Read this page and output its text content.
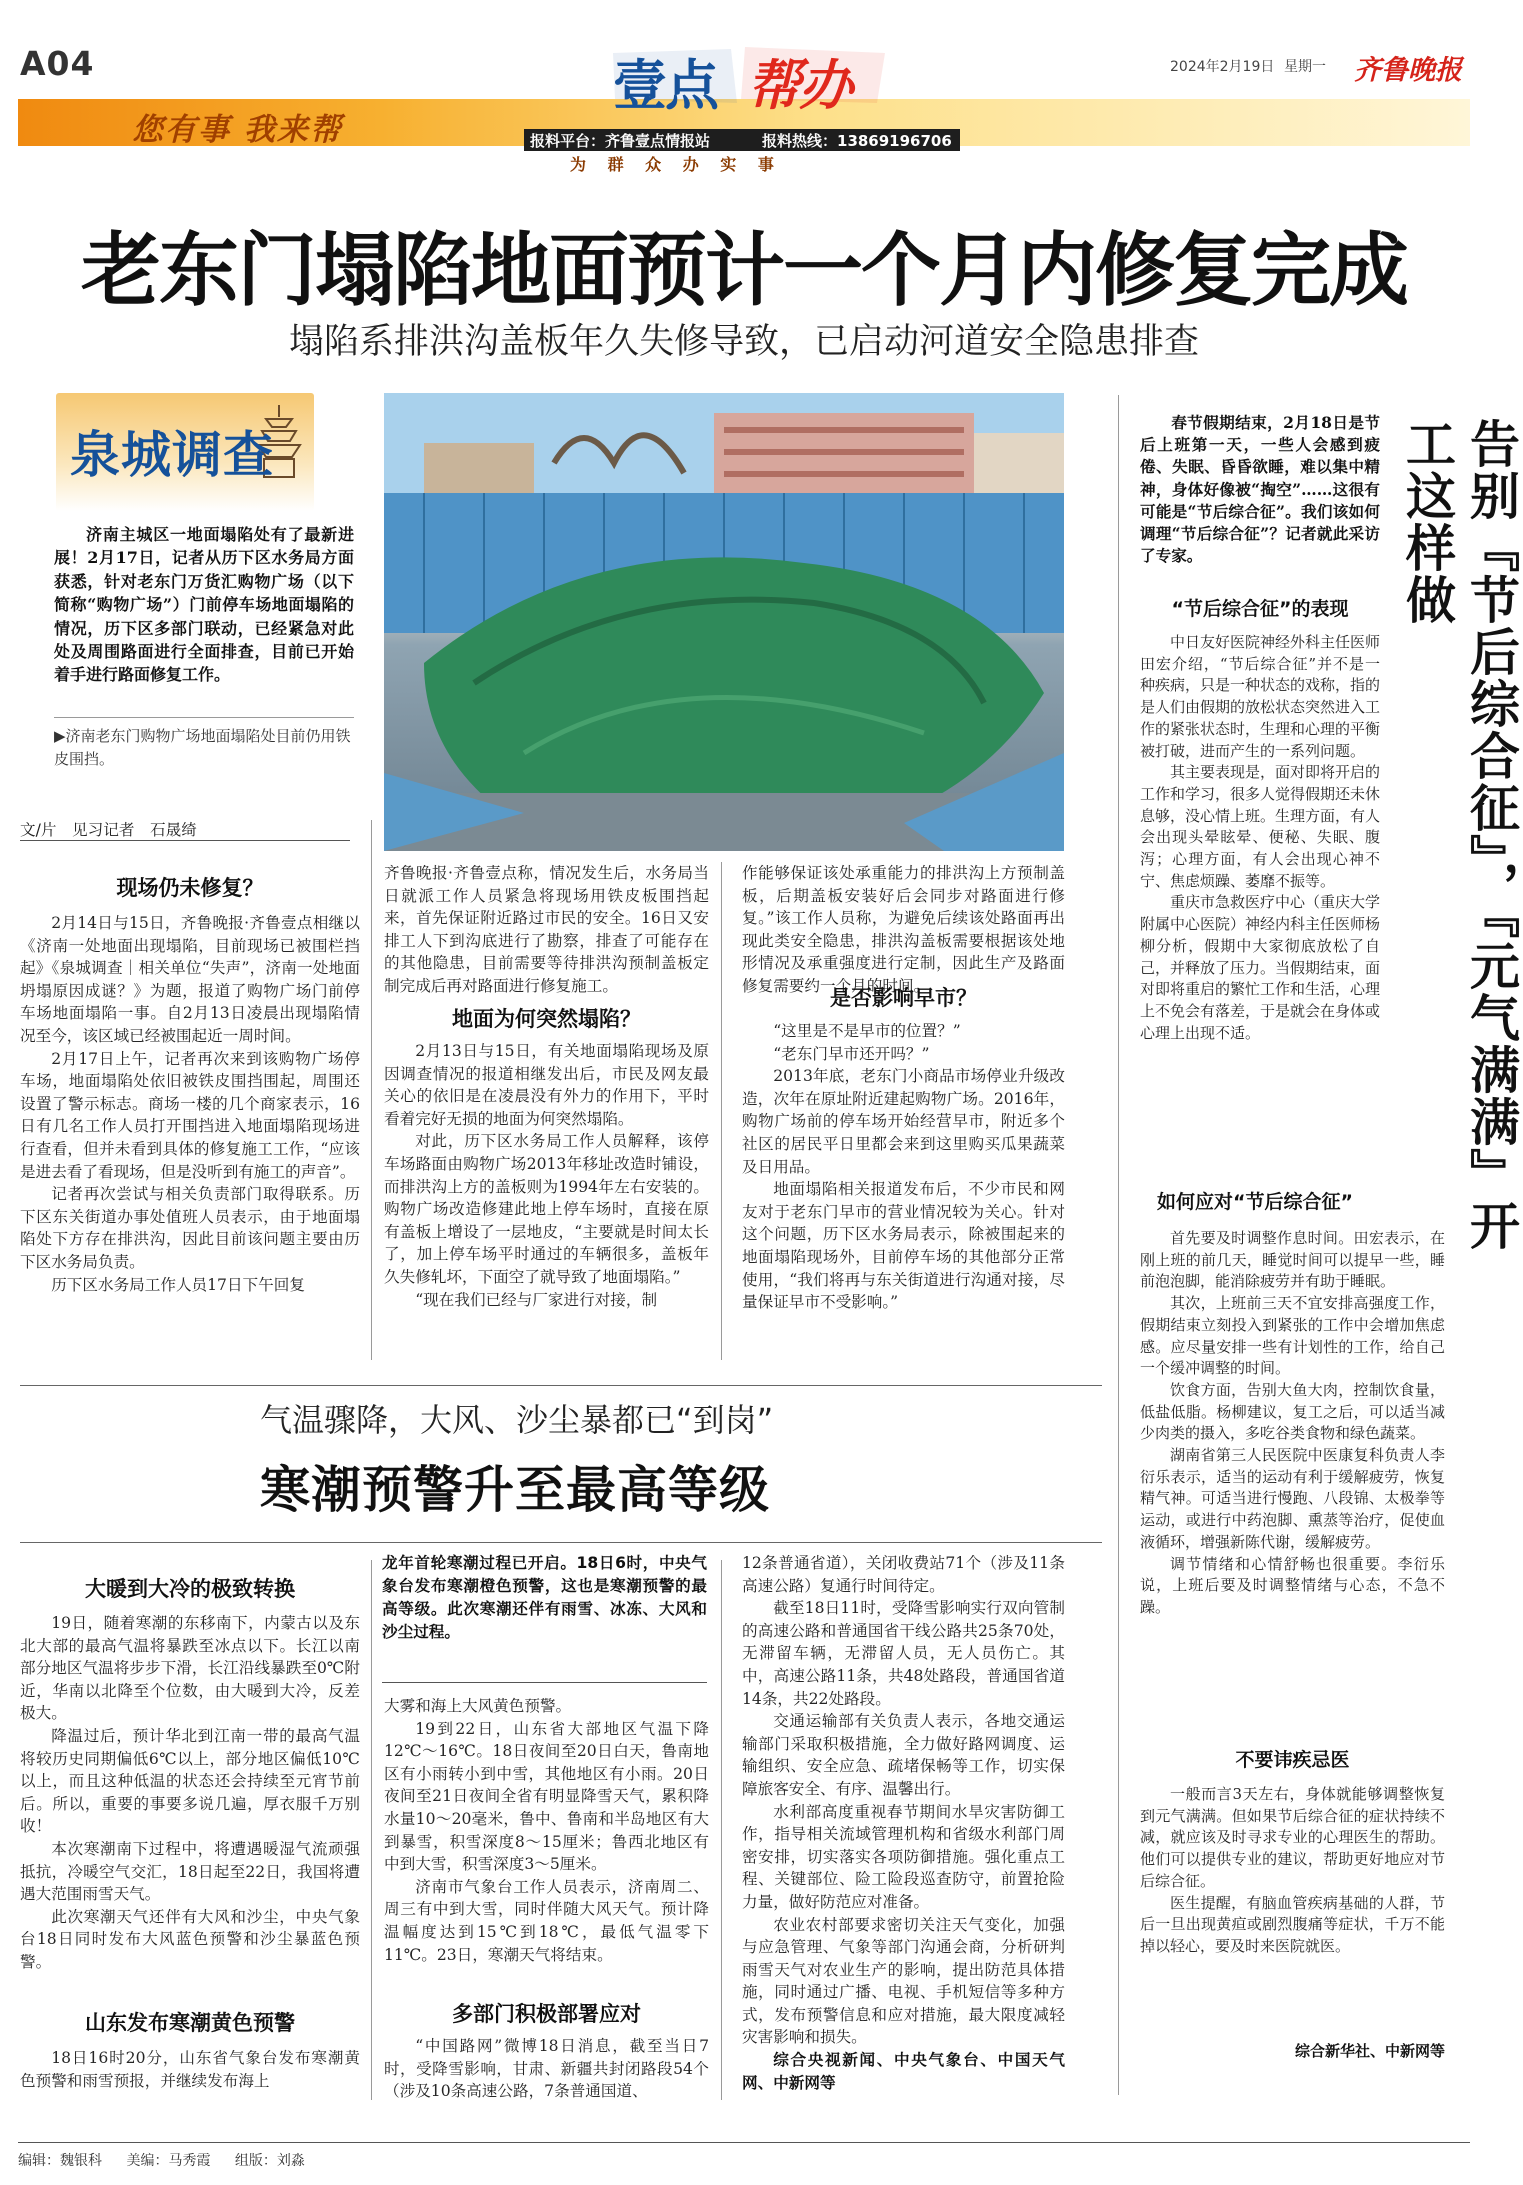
A04
您有事 我来帮
壹点 帮办
报料平台：齐鲁壹点情报站	报料热线：13869196706
为 群 众 办 实 事
2024年2月19日 星期一 齐鲁晚报
老东门塌陷地面预计一个月内修复完成
塌陷系排洪沟盖板年久失修导致，已启动河道安全隐患排查
泉城调查

济南主城区一地面塌陷处有了最新进展！2月17日，记者从历下区水务局方面获悉，针对老东门万货汇购物广场（以下简称“购物广场”）门前停车场地面塌陷的情况，历下区多部门联动，已经紧急对此处及周围路面进行全面排查，目前已开始着手进行路面修复工作。

▶济南老东门购物广场地面塌陷处目前仍用铁皮围挡。
文/片　见习记者　石晟绮
现场仍未修复？

2月14日与15日，齐鲁晚报·齐鲁壹点相继以《济南一处地面出现塌陷，目前现场已被围栏挡起》《泉城调查｜相关单位“失声”，济南一处地面坍塌原因成谜？》为题，报道了购物广场门前停车场地面塌陷一事。自2月13日凌晨出现塌陷情况至今，该区域已经被围起近一周时间。

2月17日上午，记者再次来到该购物广场停车场，地面塌陷处依旧被铁皮围挡围起，周围还设置了警示标志。商场一楼的几个商家表示，16日有几名工作人员打开围挡进入地面塌陷现场进行查看，但并未看到具体的修复施工工作，“应该是进去看了看现场，但是没听到有施工的声音”。

记者再次尝试与相关负责部门取得联系。历下区东关街道办事处值班人员表示，由于地面塌陷处下方存在排洪沟，因此目前该问题主要由历下区水务局负责。

历下区水务局工作人员17日下午回复

齐鲁晚报·齐鲁壹点称，情况发生后，水务局当日就派工作人员紧急将现场用铁皮板围挡起来，首先保证附近路过市民的安全。16日又安排工人下到沟底进行了勘察，排查了可能存在的其他隐患，目前需要等待排洪沟预制盖板定制完成后再对路面进行修复施工。

地面为何突然塌陷？

2月13日与15日，有关地面塌陷现场及原因调查情况的报道相继发出后，市民及网友最关心的依旧是在凌晨没有外力的作用下，平时看着完好无损的地面为何突然塌陷。

对此，历下区水务局工作人员解释，该停车场路面由购物广场2013年移址改造时铺设，而排洪沟上方的盖板则为1994年左右安装的。购物广场改造修建此地上停车场时，直接在原有盖板上增设了一层地皮，“主要就是时间太长了，加上停车场平时通过的车辆很多，盖板年久失修轧坏，下面空了就导致了地面塌陷。”

“现在我们已经与厂家进行对接，制

作能够保证该处承重能力的排洪沟上方预制盖板，后期盖板安装好后会同步对路面进行修复。”该工作人员称，为避免后续该处路面再出现此类安全隐患，排洪沟盖板需要根据该处地形情况及承重强度进行定制，因此生产及路面修复需要约一个月的时间。

是否影响早市？

“这里是不是早市的位置？”

“老东门早市还开吗？”

2013年底，老东门小商品市场停业升级改造，次年在原址附近建起购物广场。2016年，购物广场前的停车场开始经营早市，附近多个社区的居民平日里都会来到这里购买瓜果蔬菜及日用品。

地面塌陷相关报道发布后，不少市民和网友对于老东门早市的营业情况较为关心。针对这个问题，历下区水务局表示，除被围起来的地面塌陷现场外，目前停车场的其他部分正常使用，“我们将再与东关街道进行沟通对接，尽量保证早市不受影响。”

告别『节后综合征』，『元气满满』开工这样做

春节假期结束，2月18日是节后上班第一天，一些人会感到疲倦、失眠、昏昏欲睡，难以集中精神，身体好像被“掏空”……这很有可能是“节后综合征”。我们该如何调理“节后综合征”？记者就此采访了专家。

“节后综合征”的表现

中日友好医院神经外科主任医师田宏介绍，“节后综合征”并不是一种疾病，只是一种状态的戏称，指的是人们由假期的放松状态突然进入工作的紧张状态时，生理和心理的平衡被打破，进而产生的一系列问题。

其主要表现是，面对即将开启的工作和学习，很多人觉得假期还未休息够，没心情上班。生理方面，有人会出现头晕眩晕、便秘、失眠、腹泻；心理方面，有人会出现心神不宁、焦虑烦躁、萎靡不振等。

重庆市急救医疗中心（重庆大学附属中心医院）神经内科主任医师杨柳分析，假期中大家彻底放松了自己，并释放了压力。当假期结束，面对即将重启的繁忙工作和生活，心理上不免会有落差，于是就会在身体或心理上出现不适。

如何应对“节后综合征”

首先要及时调整作息时间。田宏表示，在刚上班的前几天，睡觉时间可以提早一些，睡前泡泡脚，能消除疲劳并有助于睡眠。

其次，上班前三天不宜安排高强度工作，假期结束立刻投入到紧张的工作中会增加焦虑感。应尽量安排一些有计划性的工作，给自己一个缓冲调整的时间。

饮食方面，告别大鱼大肉，控制饮食量，低盐低脂。杨柳建议，复工之后，可以适当减少肉类的摄入，多吃谷类食物和绿色蔬菜。

湖南省第三人民医院中医康复科负责人李衍乐表示，适当的运动有利于缓解疲劳，恢复精气神。可适当进行慢跑、八段锦、太极拳等运动，或进行中药泡脚、熏蒸等治疗，促使血液循环，增强新陈代谢，缓解疲劳。

调节情绪和心情舒畅也很重要。李衍乐说，上班后要及时调整情绪与心态，不急不躁。

不要讳疾忌医

一般而言3天左右，身体就能够调整恢复到元气满满。但如果节后综合征的症状持续不减，就应该及时寻求专业的心理医生的帮助。他们可以提供专业的建议，帮助更好地应对节后综合征。

医生提醒，有脑血管疾病基础的人群，节后一旦出现黄疸或剧烈腹痛等症状，千万不能掉以轻心，要及时来医院就医。

综合新华社、中新网等
气温骤降，大风、沙尘暴都已“到岗”
寒潮预警升至最高等级

龙年首轮寒潮过程已开启。18日6时，中央气象台发布寒潮橙色预警，这也是寒潮预警的最高等级。此次寒潮还伴有雨雪、冰冻、大风和沙尘过程。

大暖到大冷的极致转换

19日，随着寒潮的东移南下，内蒙古以及东北大部的最高气温将暴跌至冰点以下。长江以南部分地区气温将步步下滑，长江沿线暴跌至0℃附近，华南以北降至个位数，由大暖到大冷，反差极大。

降温过后，预计华北到江南一带的最高气温将较历史同期偏低6℃以上，部分地区偏低10℃以上，而且这种低温的状态还会持续至元宵节前后。所以，重要的事要多说几遍，厚衣服千万别收！

本次寒潮南下过程中，将遭遇暖湿气流顽强抵抗，冷暖空气交汇，18日起至22日，我国将遭遇大范围雨雪天气。

此次寒潮天气还伴有大风和沙尘，中央气象台18日同时发布大风蓝色预警和沙尘暴蓝色预警。

山东发布寒潮黄色预警

18日16时20分，山东省气象台发布寒潮黄色预警和雨雪预报，并继续发布海上

大雾和海上大风黄色预警。

19到22日，山东省大部地区气温下降12℃～16℃。18日夜间至20日白天，鲁南地区有小雨转小到中雪，其他地区有小雨。20日夜间至21日夜间全省有明显降雪天气，累积降水量10～20毫米，鲁中、鲁南和半岛地区有大到暴雪，积雪深度8～15厘米；鲁西北地区有中到大雪，积雪深度3～5厘米。

济南市气象台工作人员表示，济南周二、周三有中到大雪，同时伴随大风天气。预计降温幅度达到15℃到18℃，最低气温零下11℃。23日，寒潮天气将结束。

多部门积极部署应对

“中国路网”微博18日消息，截至当日7时，受降雪影响，甘肃、新疆共封闭路段54个（涉及10条高速公路，7条普通国道、

12条普通省道），关闭收费站71个（涉及11条高速公路）复通行时间待定。

截至18日11时，受降雪影响实行双向管制的高速公路和普通国省干线公路共25条70处，无滞留车辆，无滞留人员，无人员伤亡。其中，高速公路11条，共48处路段，普通国省道14条，共22处路段。

交通运输部有关负责人表示，各地交通运输部门采取积极措施，全力做好路网调度、运输组织、安全应急、疏堵保畅等工作，切实保障旅客安全、有序、温馨出行。

水利部高度重视春节期间水旱灾害防御工作，指导相关流域管理机构和省级水利部门周密安排，切实落实各项防御措施。强化重点工程、关键部位、险工险段巡查防守，前置抢险力量，做好防范应对准备。

农业农村部要求密切关注天气变化，加强与应急管理、气象等部门沟通会商，分析研判雨雪天气对农业生产的影响，提出防范具体措施，同时通过广播、电视、手机短信等多种方式，发布预警信息和应对措施，最大限度减轻灾害影响和损失。

综合央视新闻、中央气象台、中国天气网、中新网等

编辑：魏银科 美编：马秀霞 组版：刘淼
